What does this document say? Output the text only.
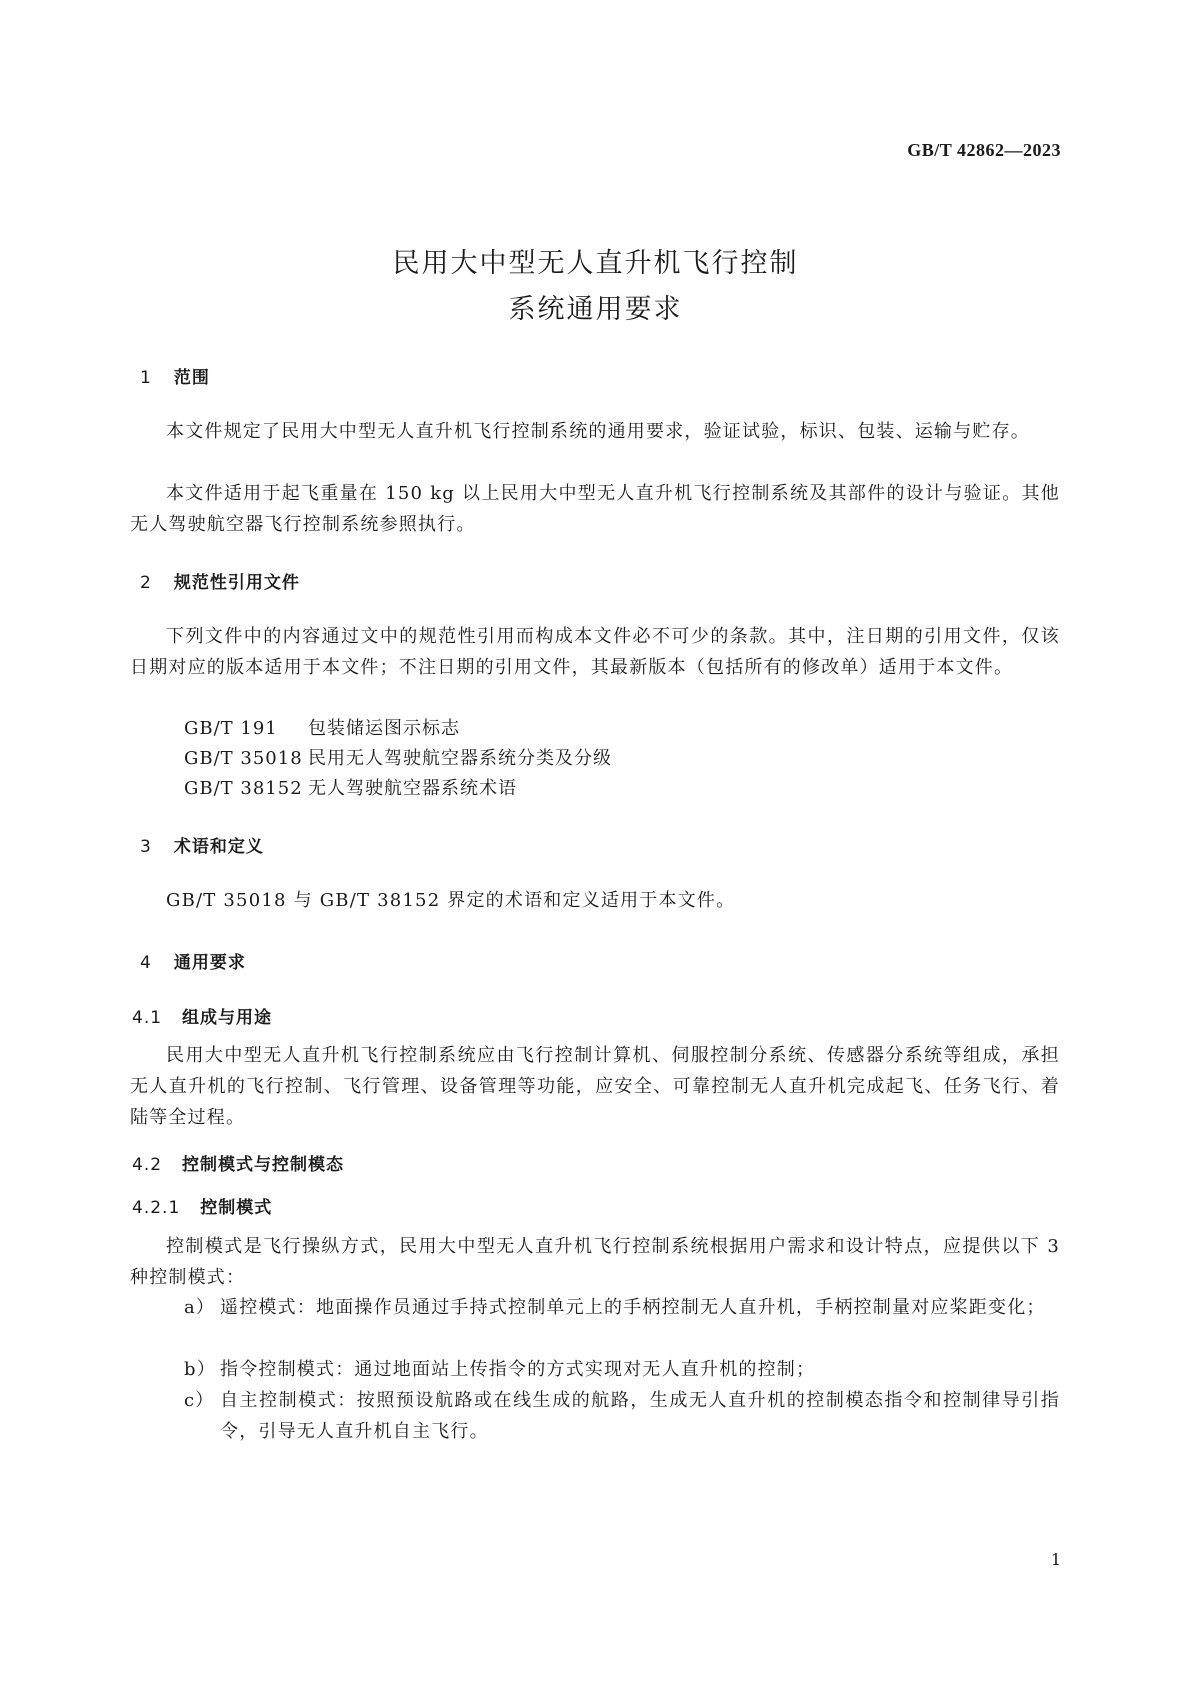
GB/T 42862—2023
民用大中型无人直升机飞行控制
系统通用要求
1 范围
本文件规定了民用大中型无人直升机飞行控制系统的通用要求，验证试验，标识、包装、运输与贮存。
本文件适用于起飞重量在 150 kg 以上民用大中型无人直升机飞行控制系统及其部件的设计与验证。其他无人驾驶航空器飞行控制系统参照执行。
2 规范性引用文件
下列文件中的内容通过文中的规范性引用而构成本文件必不可少的条款。其中，注日期的引用文件，仅该日期对应的版本适用于本文件；不注日期的引用文件，其最新版本（包括所有的修改单）适用于本文件。
GB/T 191 包装储运图示标志
GB/T 35018 民用无人驾驶航空器系统分类及分级
GB/T 38152 无人驾驶航空器系统术语
3 术语和定义
GB/T 35018 与 GB/T 38152 界定的术语和定义适用于本文件。
4 通用要求
4.1 组成与用途
民用大中型无人直升机飞行控制系统应由飞行控制计算机、伺服控制分系统、传感器分系统等组成，承担无人直升机的飞行控制、飞行管理、设备管理等功能，应安全、可靠控制无人直升机完成起飞、任务飞行、着陆等全过程。
4.2 控制模式与控制模态
4.2.1 控制模式
控制模式是飞行操纵方式，民用大中型无人直升机飞行控制系统根据用户需求和设计特点，应提供以下 3 种控制模式：
a） 遥控模式：地面操作员通过手持式控制单元上的手柄控制无人直升机，手柄控制量对应桨距变化；
b） 指令控制模式：通过地面站上传指令的方式实现对无人直升机的控制；
c） 自主控制模式：按照预设航路或在线生成的航路，生成无人直升机的控制模态指令和控制律导引指令，引导无人直升机自主飞行。
1
